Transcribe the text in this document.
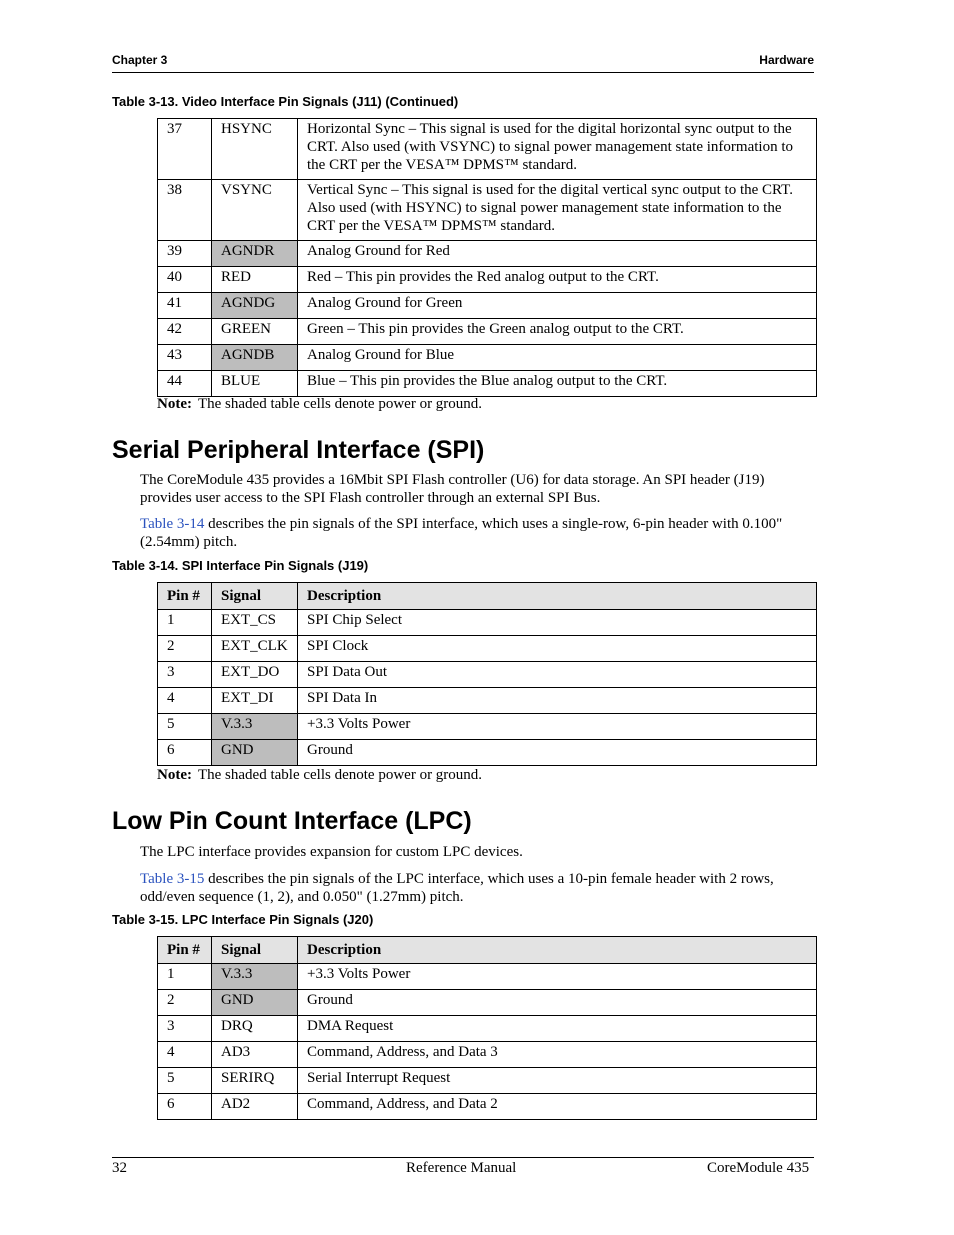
Chapter 3	Hardware
Table 3-13. Video Interface Pin Signals (J11) (Continued)
37	HSYNC	Horizontal Sync – This signal is used for the digital horizontal sync output to the CRT. Also used (with VSYNC) to signal power management state information to the CRT per the VESA™ DPMS™ standard.
38	VSYNC	Vertical Sync – This signal is used for the digital vertical sync output to the CRT. Also used (with HSYNC) to signal power management state information to the CRT per the VESA™ DPMS™ standard.
39	AGNDR	Analog Ground for Red
40	RED	Red – This pin provides the Red analog output to the CRT.
41	AGNDG	Analog Ground for Green
42	GREEN	Green – This pin provides the Green analog output to the CRT.
43	AGNDB	Analog Ground for Blue
44	BLUE	Blue – This pin provides the Blue analog output to the CRT.
Note: The shaded table cells denote power or ground.
Serial Peripheral Interface (SPI)
The CoreModule 435 provides a 16Mbit SPI Flash controller (U6) for data storage. An SPI header (J19) provides user access to the SPI Flash controller through an external SPI Bus.
Table 3-14 describes the pin signals of the SPI interface, which uses a single-row, 6-pin header with 0.100" (2.54mm) pitch.
Table 3-14. SPI Interface Pin Signals (J19)
Pin #	Signal	Description
1	EXT_CS	SPI Chip Select
2	EXT_CLK	SPI Clock
3	EXT_DO	SPI Data Out
4	EXT_DI	SPI Data In
5	V.3.3	+3.3 Volts Power
6	GND	Ground
Note: The shaded table cells denote power or ground.
Low Pin Count Interface (LPC)
The LPC interface provides expansion for custom LPC devices.
Table 3-15 describes the pin signals of the LPC interface, which uses a 10-pin female header with 2 rows, odd/even sequence (1, 2), and 0.050" (1.27mm) pitch.
Table 3-15. LPC Interface Pin Signals (J20)
Pin #	Signal	Description
1	V.3.3	+3.3 Volts Power
2	GND	Ground
3	DRQ	DMA Request
4	AD3	Command, Address, and Data 3
5	SERIRQ	Serial Interrupt Request
6	AD2	Command, Address, and Data 2
32	Reference Manual	CoreModule 435
